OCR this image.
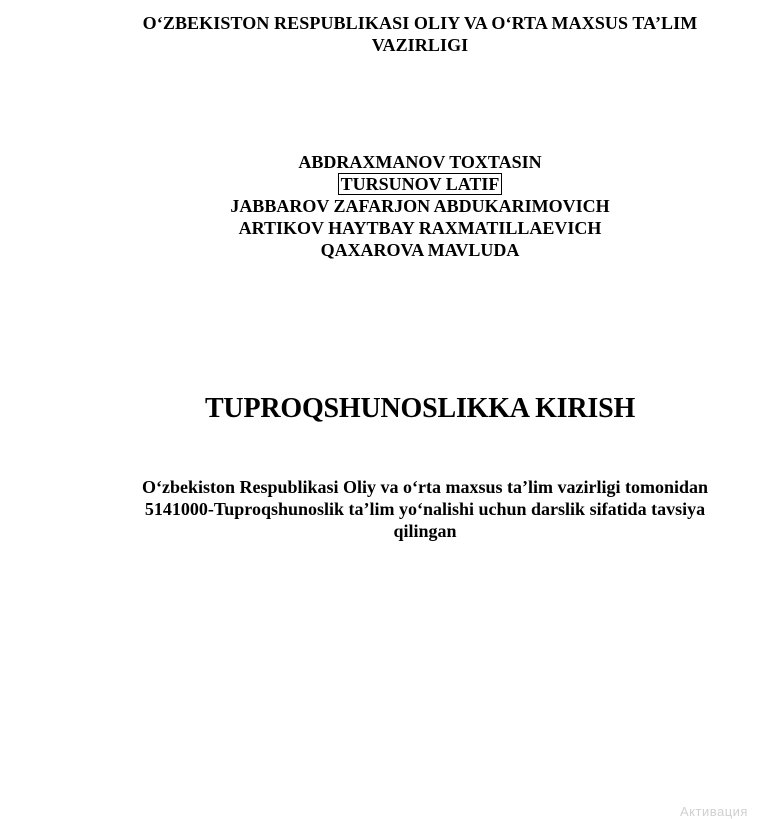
O‘ZBEKISTON RESPUBLIKASI OLIY VA O‘RTA MAXSUS TA’LIM
VAZIRLIGI
ABDRAXMANOV TOXTASIN
TURSUNOV LATIF
JABBAROV ZAFARJON ABDUKARIMOVICH
ARTIKOV HAYTBAY RAXMATILLAEVICH
QAXAROVA MAVLUDA
TUPROQSHUNOSLIKKA KIRISH
O‘zbekiston Respublikasi Oliy va o‘rta maxsus ta’lim vazirligi tomonidan
5141000-Tuproqshunoslik ta’lim yo‘nalishi uchun darslik sifatida tavsiya
qilingan
Активация
